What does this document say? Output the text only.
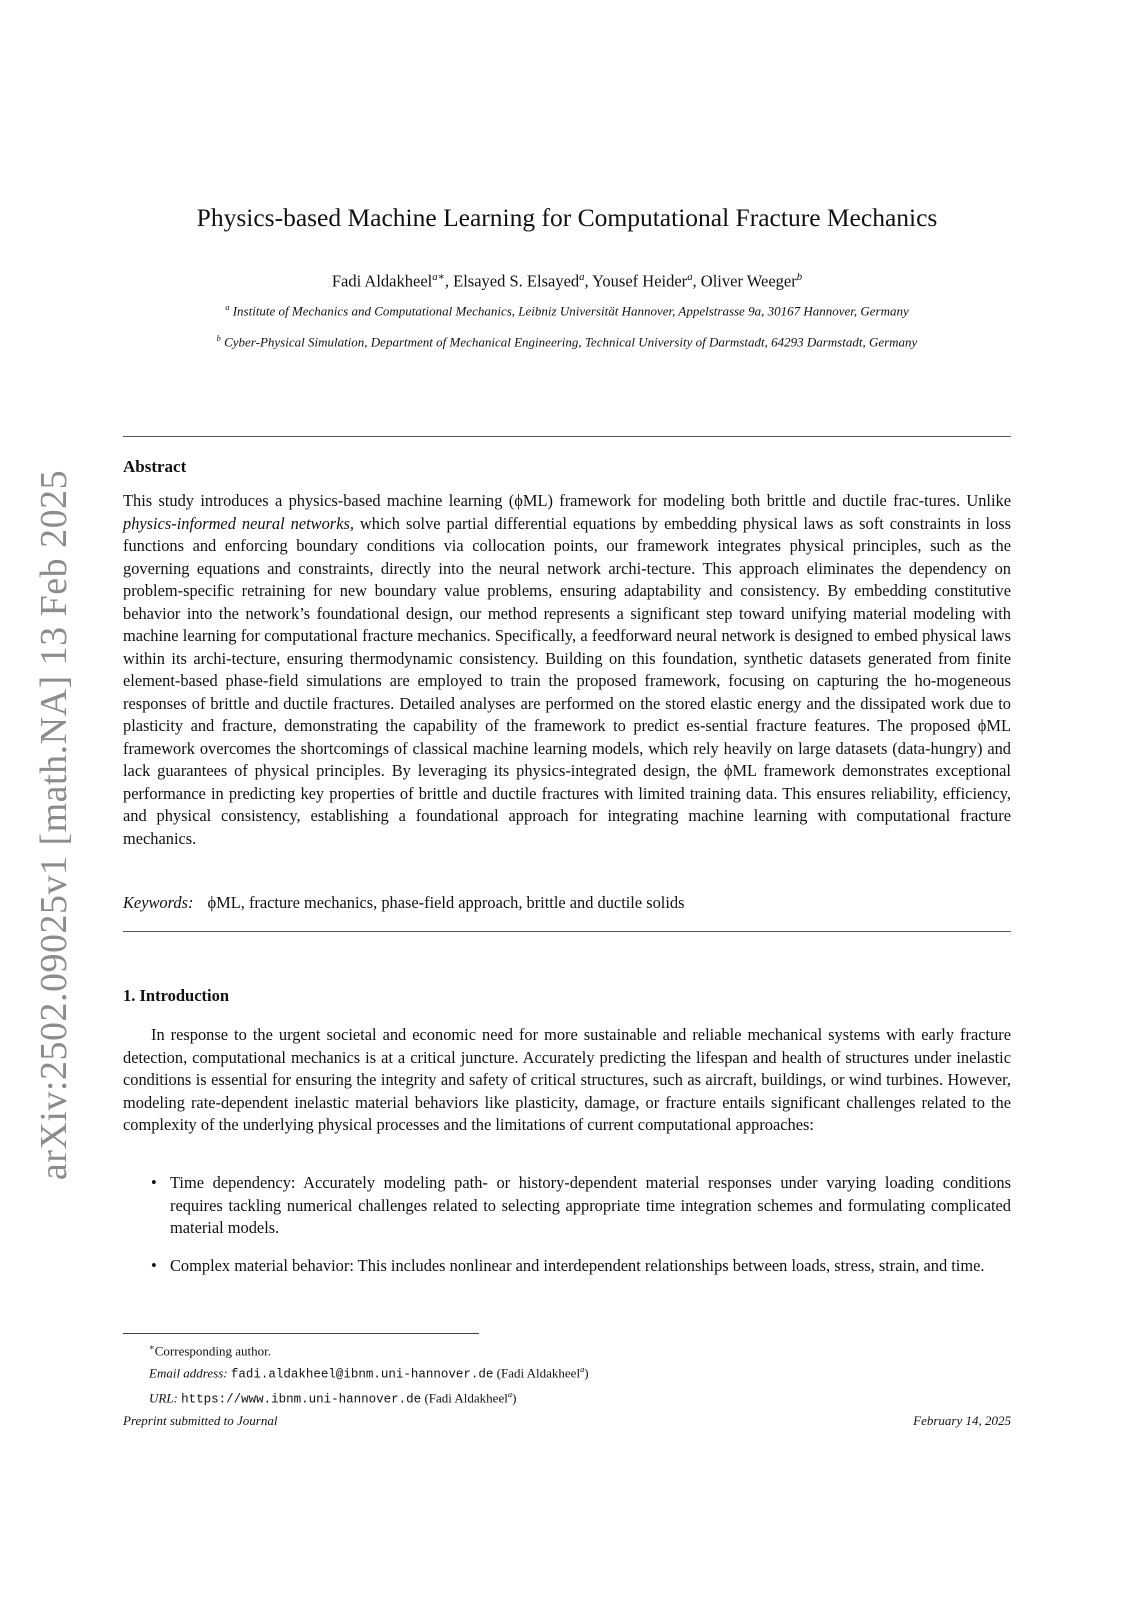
arXiv:2502.09025v1 [math.NA] 13 Feb 2025
Physics-based Machine Learning for Computational Fracture Mechanics
Fadi Aldakheel$^{a∗}$, Elsayed S. Elsayed$^a$, Yousef Heider$^a$, Oliver Weeger$^b$
$^a$ Institute of Mechanics and Computational Mechanics, Leibniz Universität Hannover, Appelstrasse 9a, 30167 Hannover, Germany
$^b$ Cyber-Physical Simulation, Department of Mechanical Engineering, Technical University of Darmstadt, 64293 Darmstadt, Germany
Abstract
This study introduces a physics-based machine learning (ϕML) framework for modeling both brittle and ductile frac-tures. Unlike physics-informed neural networks, which solve partial differential equations by embedding physical laws as soft constraints in loss functions and enforcing boundary conditions via collocation points, our framework integrates physical principles, such as the governing equations and constraints, directly into the neural network archi-tecture. This approach eliminates the dependency on problem-specific retraining for new boundary value problems, ensuring adaptability and consistency. By embedding constitutive behavior into the network’s foundational design, our method represents a significant step toward unifying material modeling with machine learning for computational fracture mechanics. Specifically, a feedforward neural network is designed to embed physical laws within its archi-tecture, ensuring thermodynamic consistency. Building on this foundation, synthetic datasets generated from finite element-based phase-field simulations are employed to train the proposed framework, focusing on capturing the ho-mogeneous responses of brittle and ductile fractures. Detailed analyses are performed on the stored elastic energy and the dissipated work due to plasticity and fracture, demonstrating the capability of the framework to predict es-sential fracture features. The proposed ϕML framework overcomes the shortcomings of classical machine learning models, which rely heavily on large datasets (data-hungry) and lack guarantees of physical principles. By leveraging its physics-integrated design, the ϕML framework demonstrates exceptional performance in predicting key properties of brittle and ductile fractures with limited training data. This ensures reliability, efficiency, and physical consistency, establishing a foundational approach for integrating machine learning with computational fracture mechanics.
Keywords: ϕML, fracture mechanics, phase-field approach, brittle and ductile solids
1. Introduction
In response to the urgent societal and economic need for more sustainable and reliable mechanical systems with early fracture detection, computational mechanics is at a critical juncture. Accurately predicting the lifespan and health of structures under inelastic conditions is essential for ensuring the integrity and safety of critical structures, such as aircraft, buildings, or wind turbines. However, modeling rate-dependent inelastic material behaviors like plasticity, damage, or fracture entails significant challenges related to the complexity of the underlying physical processes and the limitations of current computational approaches:
• Time dependency: Accurately modeling path- or history-dependent material responses under varying loading conditions requires tackling numerical challenges related to selecting appropriate time integration schemes and formulating complicated material models.
• Complex material behavior: This includes nonlinear and interdependent relationships between loads, stress, strain, and time.
∗Corresponding author.
Email address: fadi.aldakheel@ibnm.uni-hannover.de (Fadi Aldakheel$^a$)
URL: https://www.ibnm.uni-hannover.de (Fadi Aldakheel$^a$)
Preprint submitted to Journal	February 14, 2025
